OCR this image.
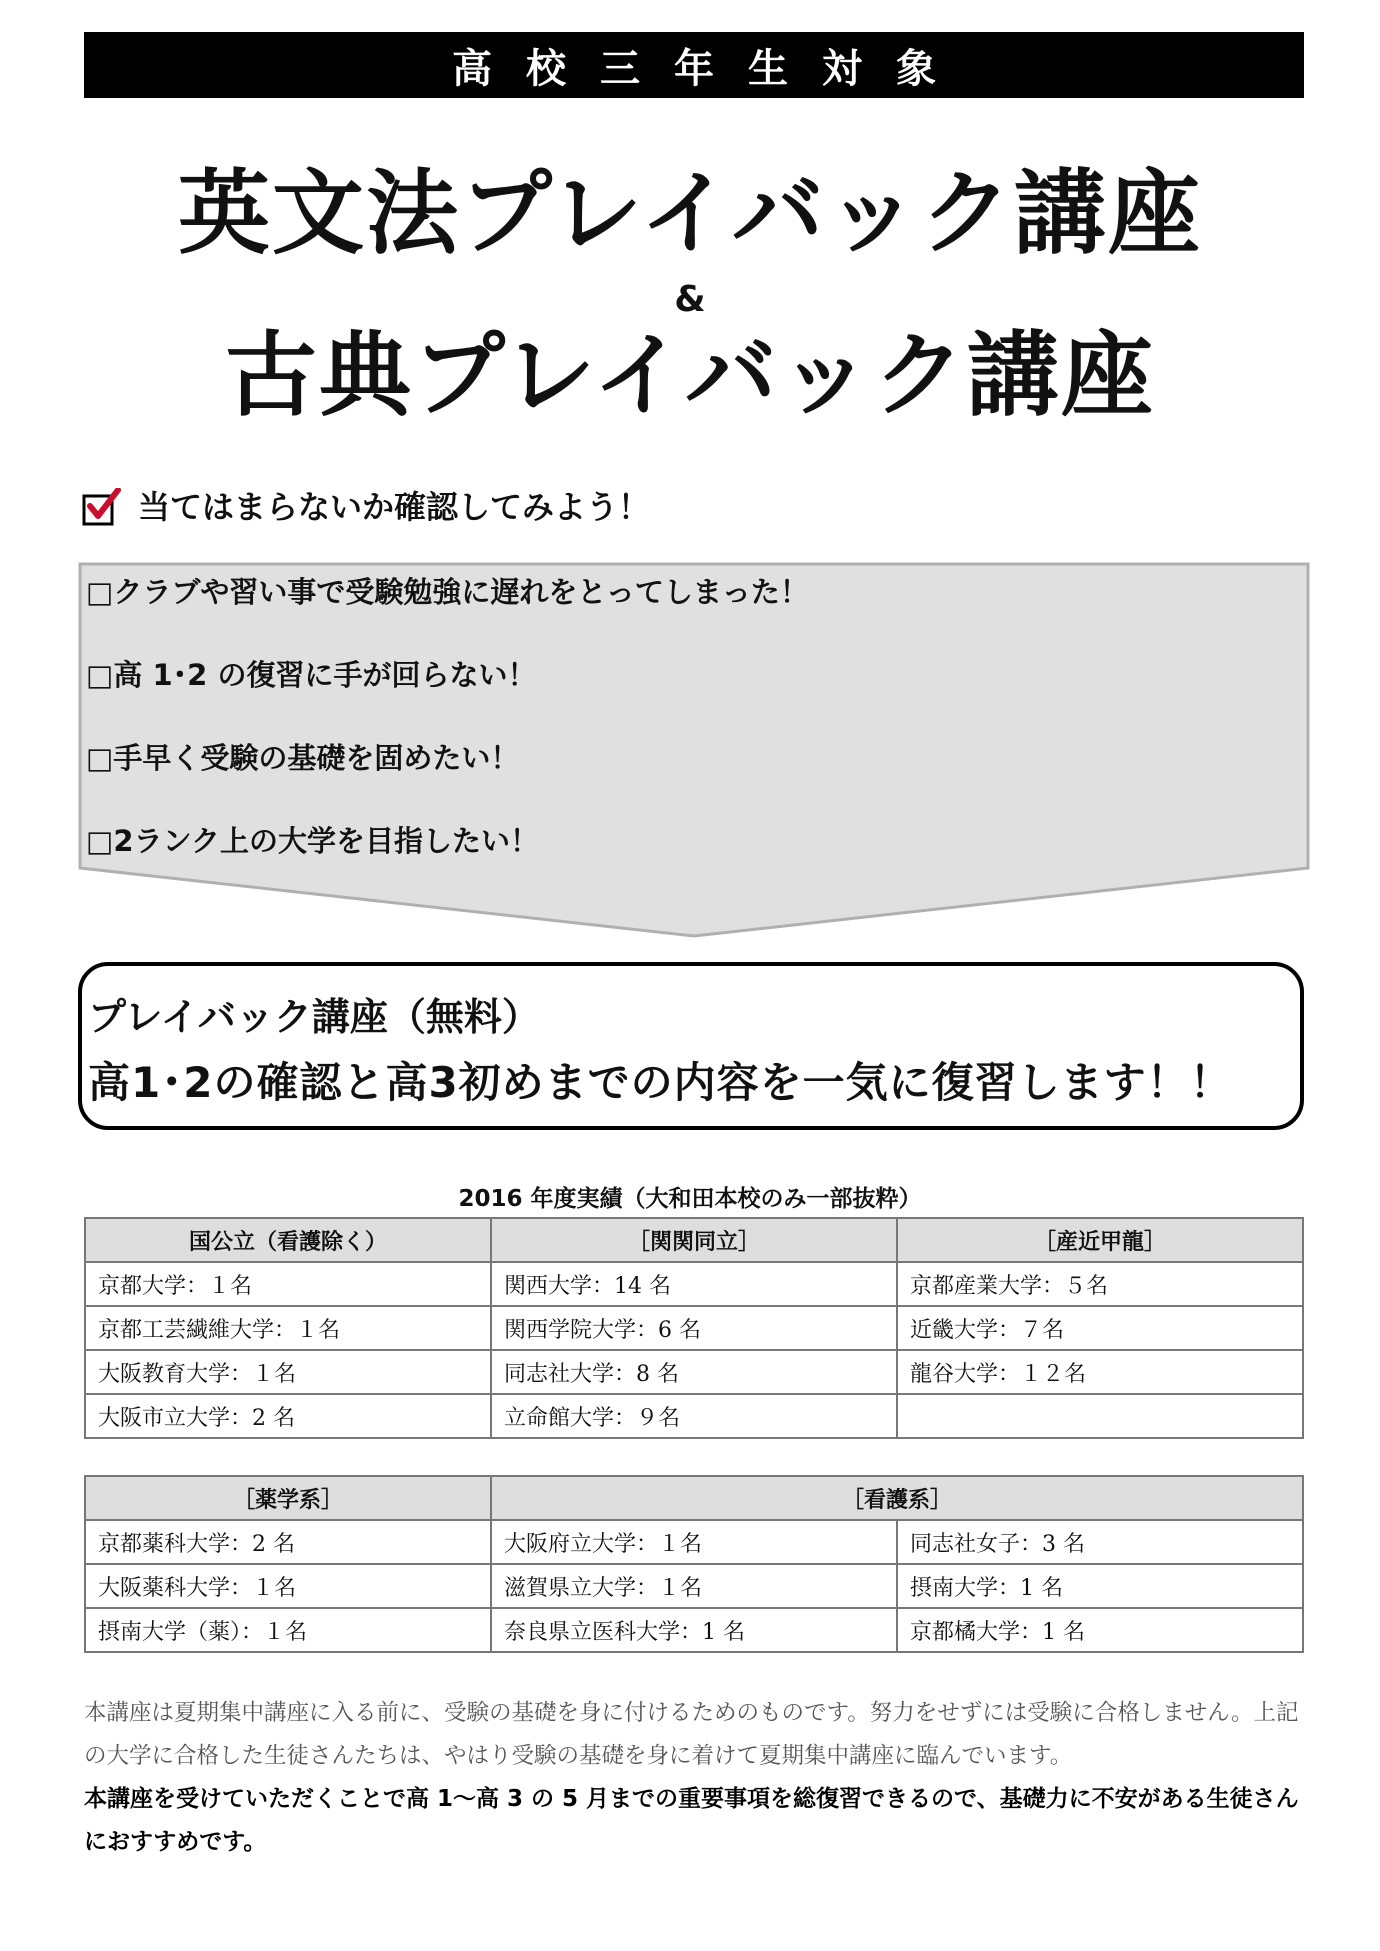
高校三年生対象
英文法プレイバック講座
&
古典プレイバック講座
当てはまらないか確認してみよう！
□クラブや習い事で受験勉強に遅れをとってしまった！
□高 1･2 の復習に手が回らない！
□手早く受験の基礎を固めたい！
□2ランク上の大学を目指したい！
プレイバック講座（無料）
高1･2の確認と高3初めまでの内容を一気に復習します！！
2016 年度実績（大和田本校のみ一部抜粋）
国公立（看護除く）	［関関同立］	［産近甲龍］
京都大学：１名	関西大学：14 名	京都産業大学：５名
京都工芸繊維大学：１名	関西学院大学：6 名	近畿大学：７名
大阪教育大学：１名	同志社大学：8 名	龍谷大学：１２名
大阪市立大学：2 名	立命館大学：９名	
［薬学系］	［看護系］	
京都薬科大学：2 名	大阪府立大学：１名	同志社女子：3 名
大阪薬科大学：１名	滋賀県立大学：１名	摂南大学：1 名
摂南大学（薬）：１名	奈良県立医科大学：1 名	京都橘大学：1 名
本講座は夏期集中講座に入る前に、受験の基礎を身に付けるためのものです。努力をせずには受験に合格しません。上記の大学に合格した生徒さんたちは、やはり受験の基礎を身に着けて夏期集中講座に臨んでいます。
本講座を受けていただくことで高 1～高 3 の 5 月までの重要事項を総復習できるので、基礎力に不安がある生徒さんにおすすめです。
